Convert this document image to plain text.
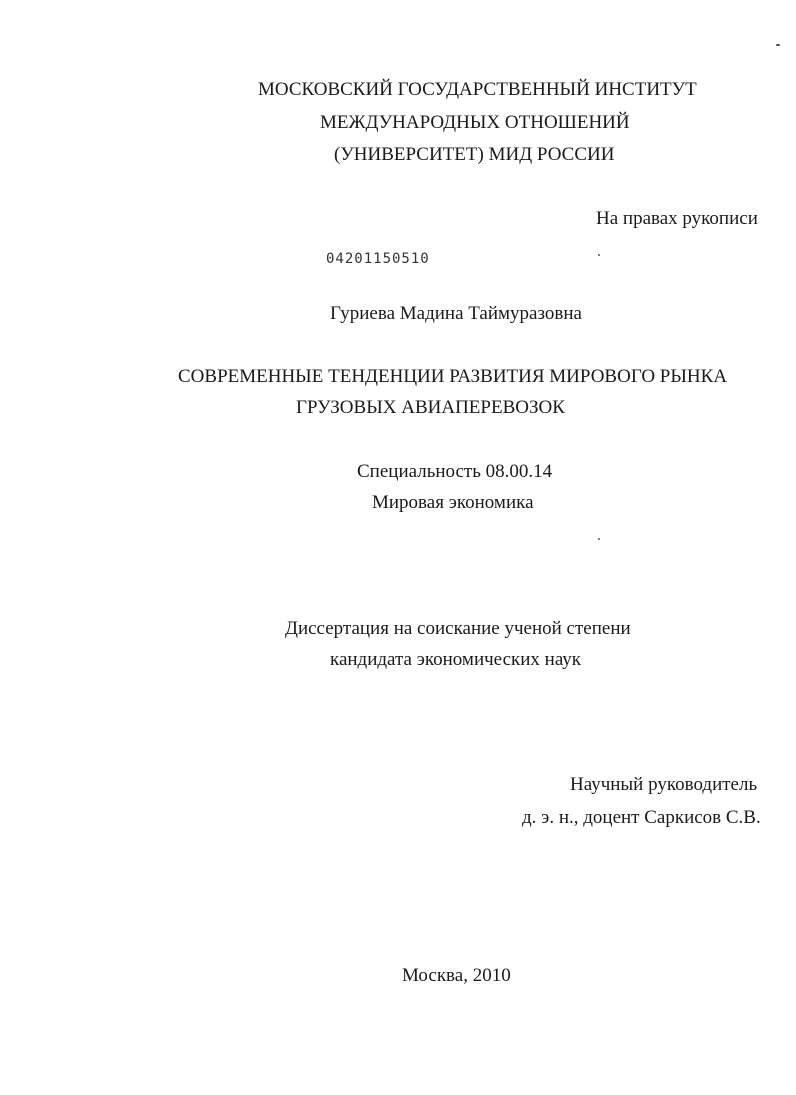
МОСКОВСКИЙ ГОСУДАРСТВЕННЫЙ ИНСТИТУТ
МЕЖДУНАРОДНЫХ ОТНОШЕНИЙ
(УНИВЕРСИТЕТ) МИД РОССИИ
На правах рукописи
04201150510
Гуриева Мадина Таймуразовна
СОВРЕМЕННЫЕ ТЕНДЕНЦИИ РАЗВИТИЯ МИРОВОГО РЫНКА
ГРУЗОВЫХ АВИАПЕРЕВОЗОК
Специальность 08.00.14
Мировая экономика
Диссертация на соискание ученой степени
кандидата экономических наук
Научный руководитель
д. э. н., доцент Саркисов С.В.
Москва, 2010
